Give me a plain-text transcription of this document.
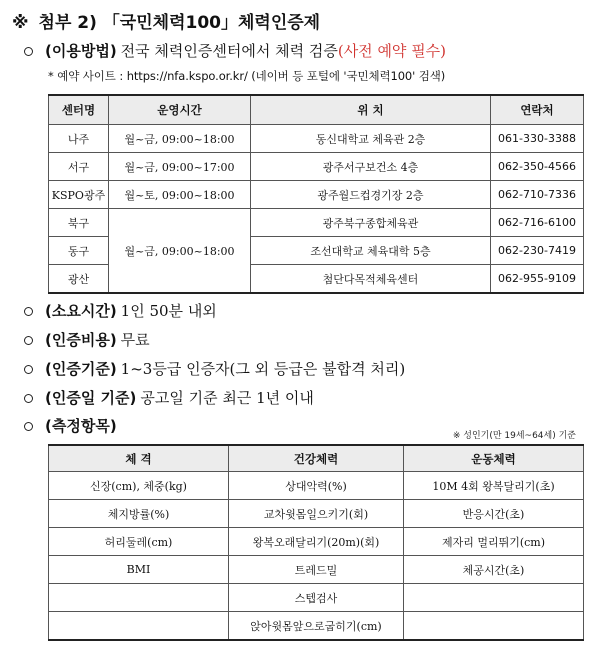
※ 첨부 2) 「국민체력100」체력인증제
(이용방법) 전국 체력인증센터에서 체력 검증(사전 예약 필수)
* 예약 사이트 : https://nfa.kspo.or.kr/ (네이버 등 포털에 '국민체력100' 검색)
센터명	운영시간	위 치	연락처
나주	월~금, 09:00~18:00	동신대학교 체육관 2층	061-330-3388
서구	월~금, 09:00~17:00	광주서구보건소 4층	062-350-4566
KSPO광주	월~토, 09:00~18:00	광주월드컵경기장 2층	062-710-7336
북구	월~금, 09:00~18:00	광주북구종합체육관	062-716-6100
동구		조선대학교 체육대학 5층	062-230-7419
광산		첨단다목적체육센터	062-955-9109
(소요시간) 1인 50분 내외
(인증비용) 무료
(인증기준) 1~3등급 인증자(그 외 등급은 불합격 처리)
(인증일 기준) 공고일 기준 최근 1년 이내
(측정항목)
※ 성인기(만 19세~64세) 기준
체 격	건강체력	운동체력
신장(cm), 체중(kg)	상대악력(%)	10M 4회 왕복달리기(초)
체지방률(%)	교차윗몸일으키기(회)	반응시간(초)
허리둘레(cm)	왕복오래달리기(20m)(회)	제자리 멀리뛰기(cm)
BMI	트레드밀	체공시간(초)
	스텝검사	
	앉아윗몸앞으로굽히기(cm)	
